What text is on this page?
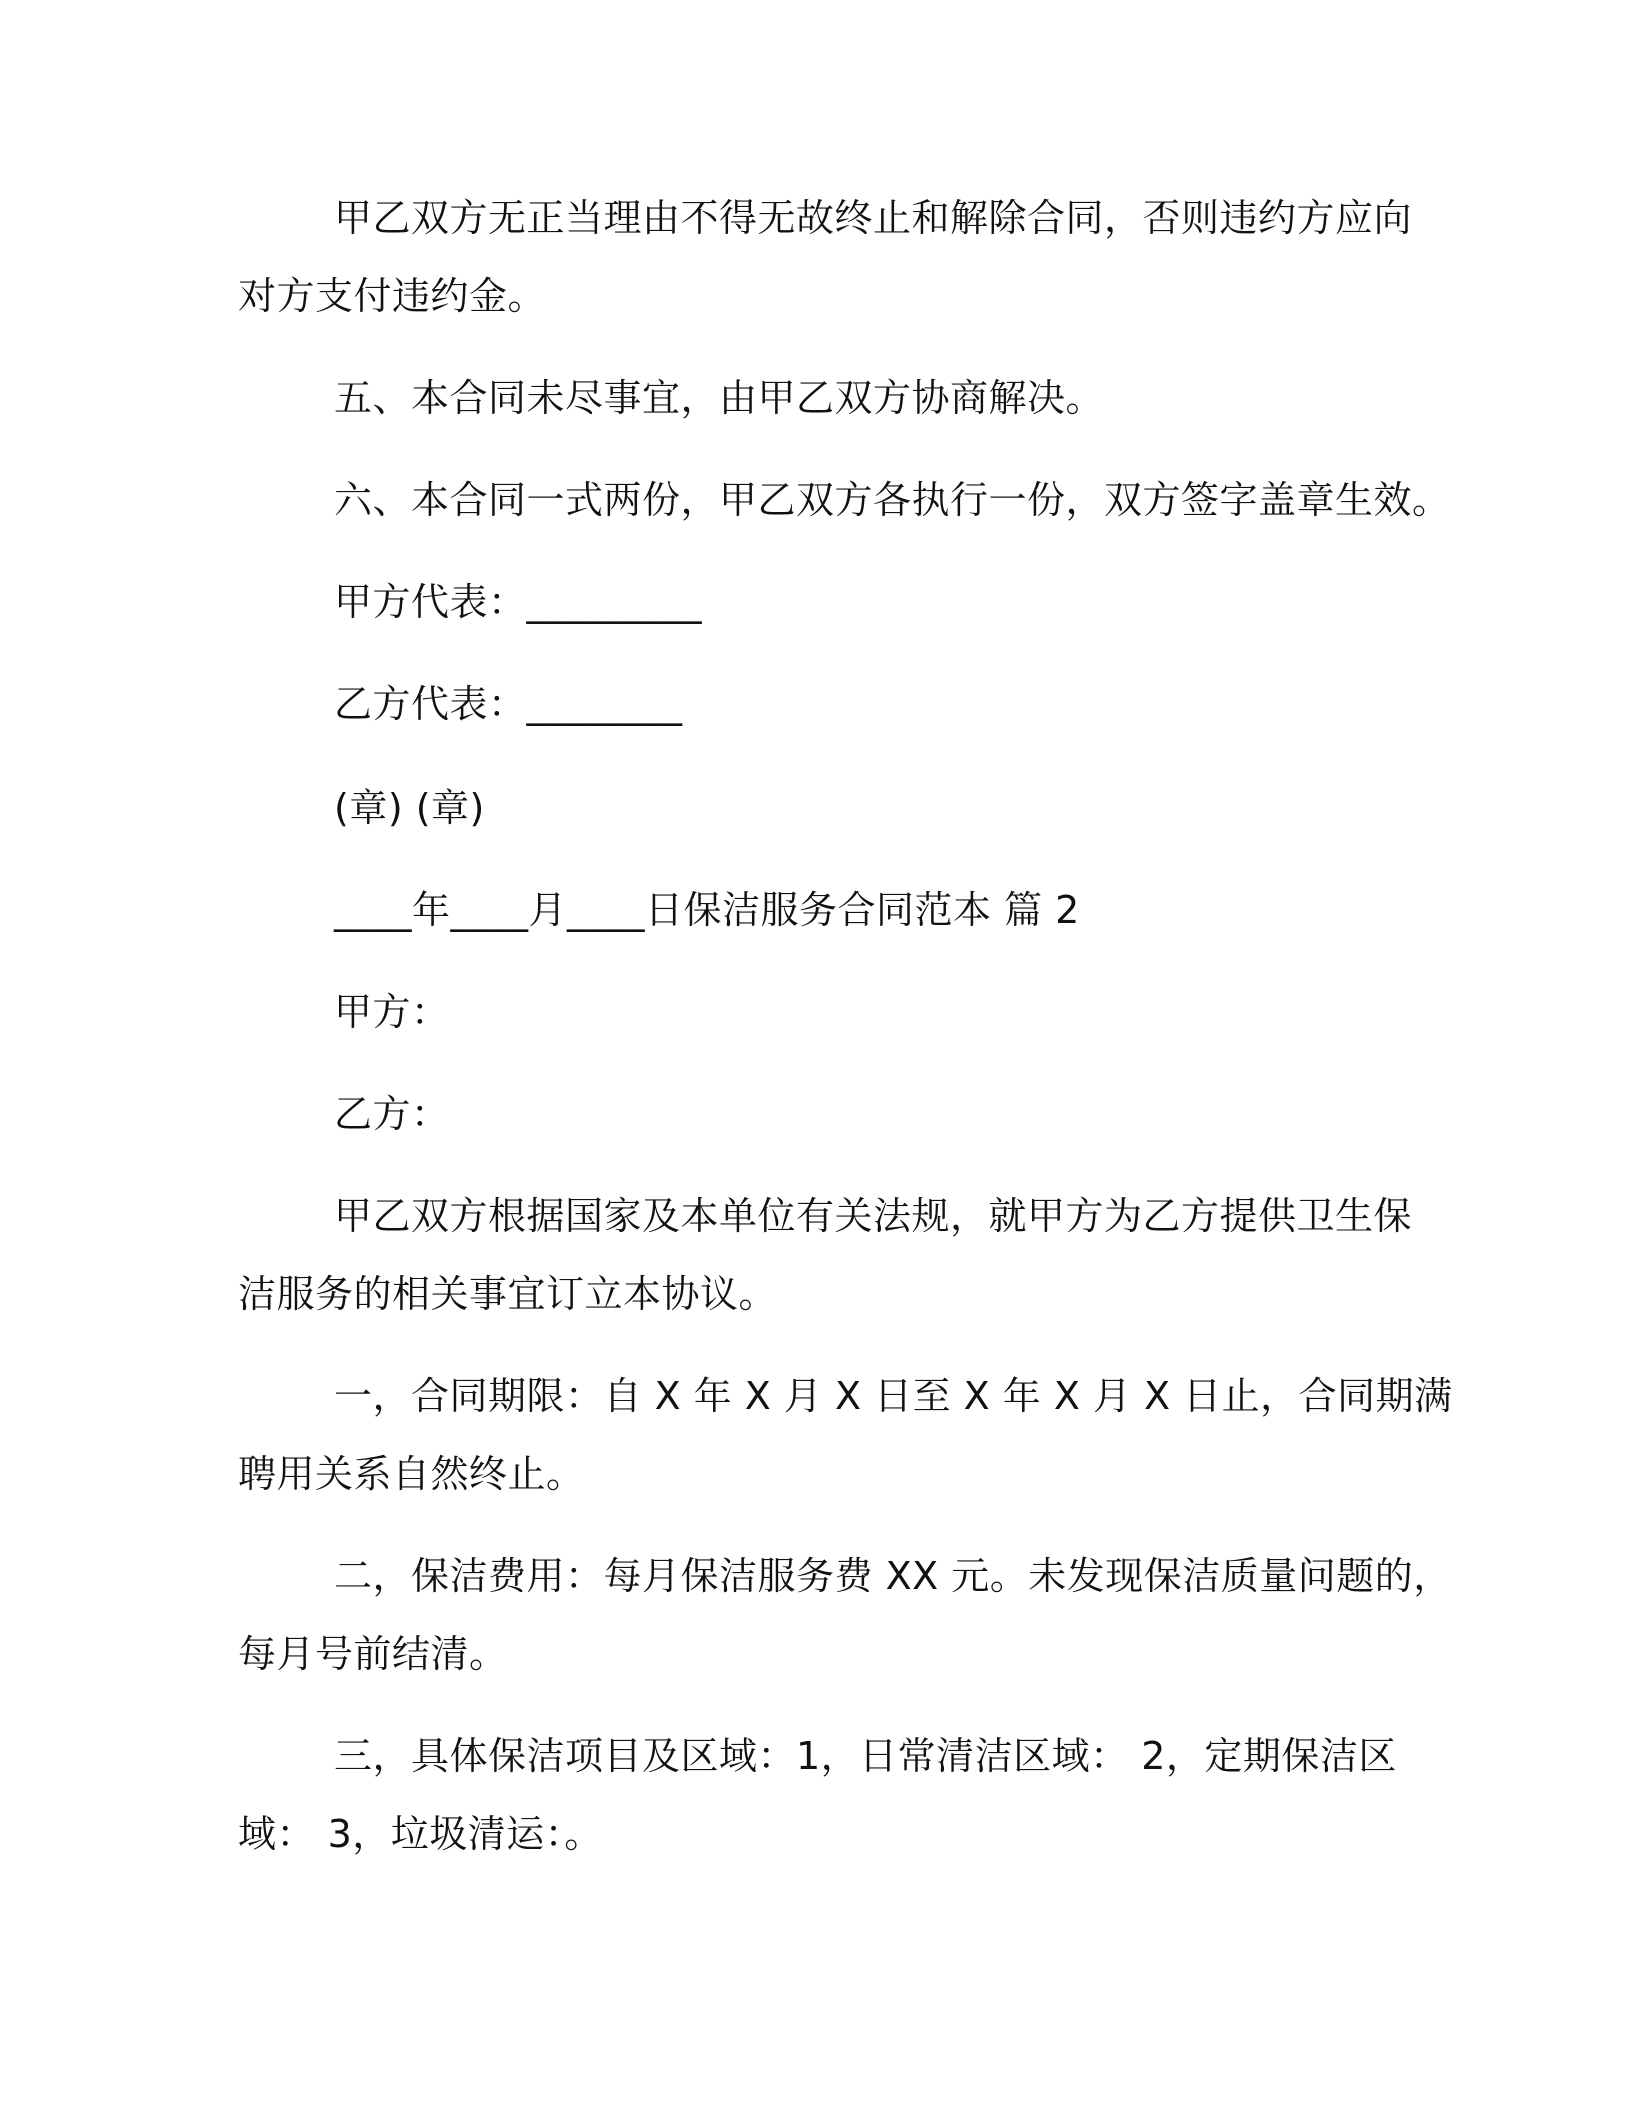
甲乙双方无正当理由不得无故终止和解除合同，否则违约方应向
对方支付违约金。
五、本合同未尽事宜，由甲乙双方协商解决。
六、本合同一式两份，甲乙双方各执行一份，双方签字盖章生效。
甲方代表：_________
乙方代表：________
(章) (章)
____年____月____日保洁服务合同范本 篇 2
甲方：
乙方：
甲乙双方根据国家及本单位有关法规，就甲方为乙方提供卫生保
洁服务的相关事宜订立本协议。
一，合同期限：自 X 年 X 月 X 日至 X 年 X 月 X 日止，合同期满
聘用关系自然终止。
二，保洁费用：每月保洁服务费 XX 元。未发现保洁质量问题的，
每月号前结清。
三，具体保洁项目及区域：1，日常清洁区域： 2，定期保洁区
域： 3，垃圾清运：。
